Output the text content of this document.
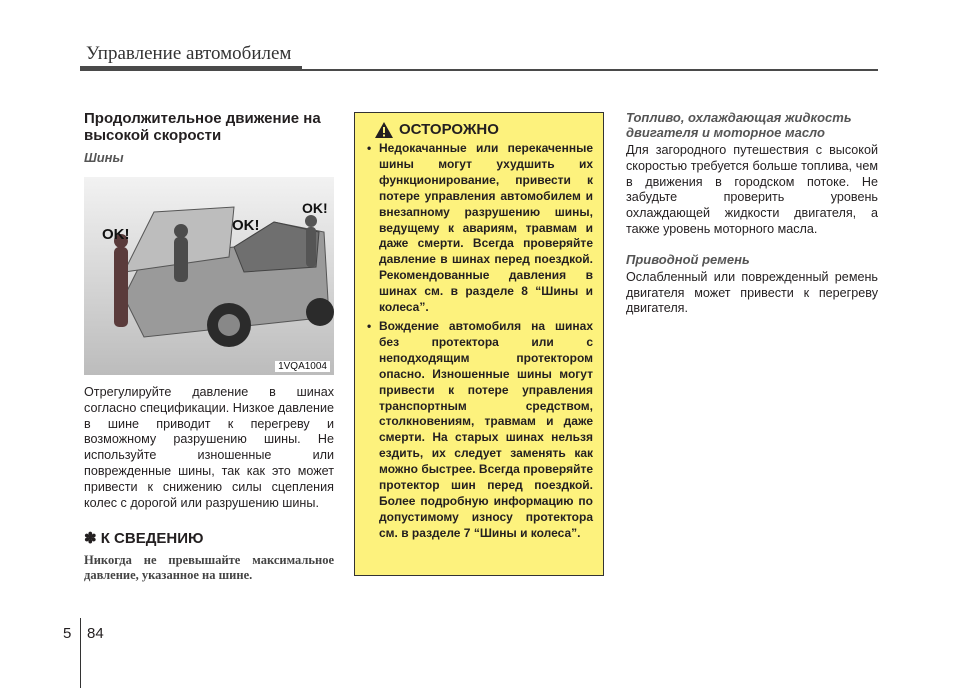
Управление автомобилем

Продолжительное движение на высокой скорости

Шины

OK!
OK!
OK!
1VQA1004

Отрегулируйте давление в шинах согласно спецификации. Низкое давление в шине приводит к перегреву и возможному разрушению шины. Не используйте изношенные или поврежденные шины, так как это может привести к снижению силы сцепления колес с дорогой или разрушению шины.

✽ К СВЕДЕНИЮ

Никогда не превышайте максимальное давление, указанное на шине.

ОСТОРОЖНО
• Недокачанные или перекаченные шины могут ухудшить их функционирование, привести к потере управления автомобилем и внезапному разрушению шины, ведущему к авариям, травмам и даже смерти. Всегда проверяйте давление в шинах перед поездкой. Рекомендованные давления в шинах см. в разделе 8 “Шины и колеса”.
• Вождение автомобиля на шинах без протектора или с неподходящим протектором опасно. Изношенные шины могут привести к потере управления транспортным средством, столкновениям, травмам и даже смерти. На старых шинах нельзя ездить, их следует заменять как можно быстрее. Всегда проверяйте протектор шин перед поездкой. Более подробную информацию по допустимому износу протектора см. в разделе 7 “Шины и колеса”.

Топливо, охлаждающая жидкость двигателя и моторное масло

Для загородного путешествия с высокой скоростью требуется больше топлива, чем в движения в городском потоке. Не забудьте проверить уровень охлаждающей жидкости двигателя, а также уровень моторного масла.

Приводной ремень

Ослабленный или поврежденный ремень двигателя может привести к перегреву двигателя.

5 84
